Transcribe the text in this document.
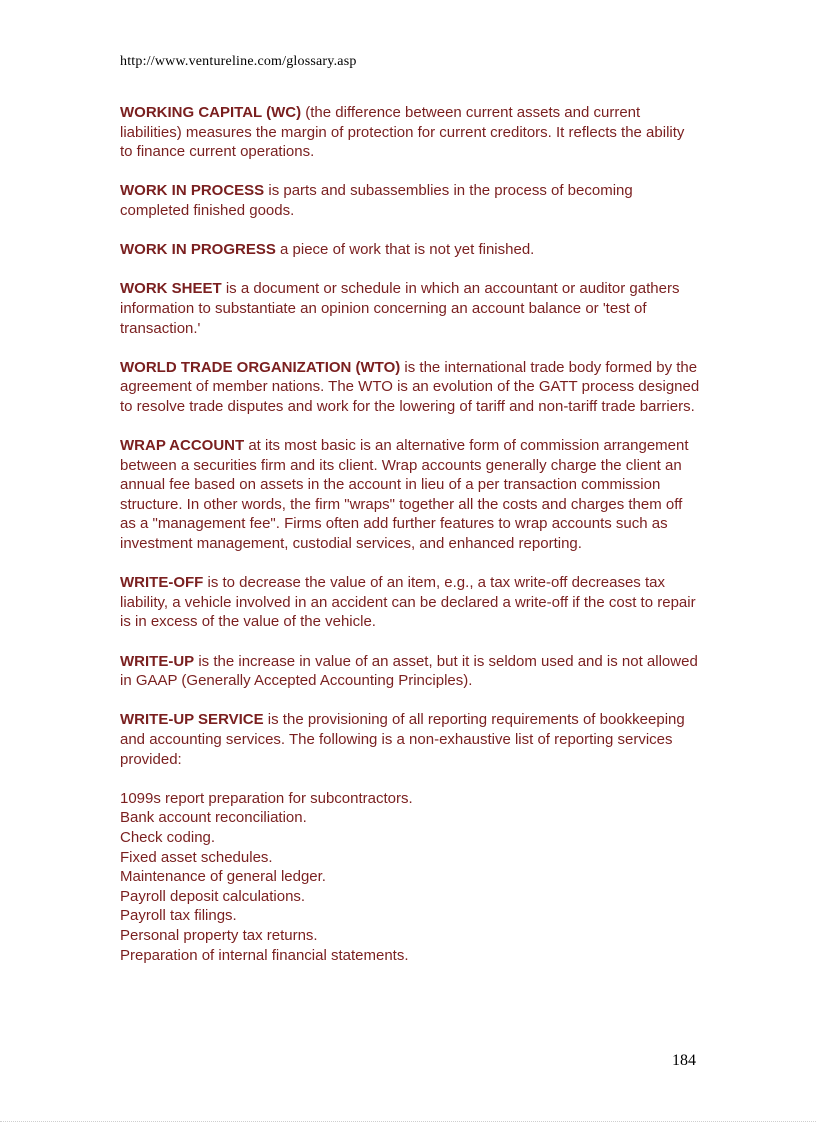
http://www.ventureline.com/glossary.asp

WORKING CAPITAL (WC) (the difference between current assets and current liabilities) measures the margin of protection for current creditors. It reflects the ability to finance current operations.

WORK IN PROCESS is parts and subassemblies in the process of becoming completed finished goods.

WORK IN PROGRESS a piece of work that is not yet finished.

WORK SHEET is a document or schedule in which an accountant or auditor gathers information to substantiate an opinion concerning an account balance or 'test of transaction.'

WORLD TRADE ORGANIZATION (WTO) is the international trade body formed by the agreement of member nations. The WTO is an evolution of the GATT process designed to resolve trade disputes and work for the lowering of tariff and non-tariff trade barriers.

WRAP ACCOUNT at its most basic is an alternative form of commission arrangement between a securities firm and its client. Wrap accounts generally charge the client an annual fee based on assets in the account in lieu of a per transaction commission structure. In other words, the firm "wraps" together all the costs and charges them off as a "management fee". Firms often add further features to wrap accounts such as investment management, custodial services, and enhanced reporting.

WRITE-OFF is to decrease the value of an item, e.g., a tax write-off decreases tax liability, a vehicle involved in an accident can be declared a write-off if the cost to repair is in excess of the value of the vehicle.

WRITE-UP is the increase in value of an asset, but it is seldom used and is not allowed in GAAP (Generally Accepted Accounting Principles).

WRITE-UP SERVICE is the provisioning of all reporting requirements of bookkeeping and accounting services. The following is a non-exhaustive list of reporting services provided:

1099s report preparation for subcontractors.
Bank account reconciliation.
Check coding.
Fixed asset schedules.
Maintenance of general ledger.
Payroll deposit calculations.
Payroll tax filings.
Personal property tax returns.
Preparation of internal financial statements.
184
